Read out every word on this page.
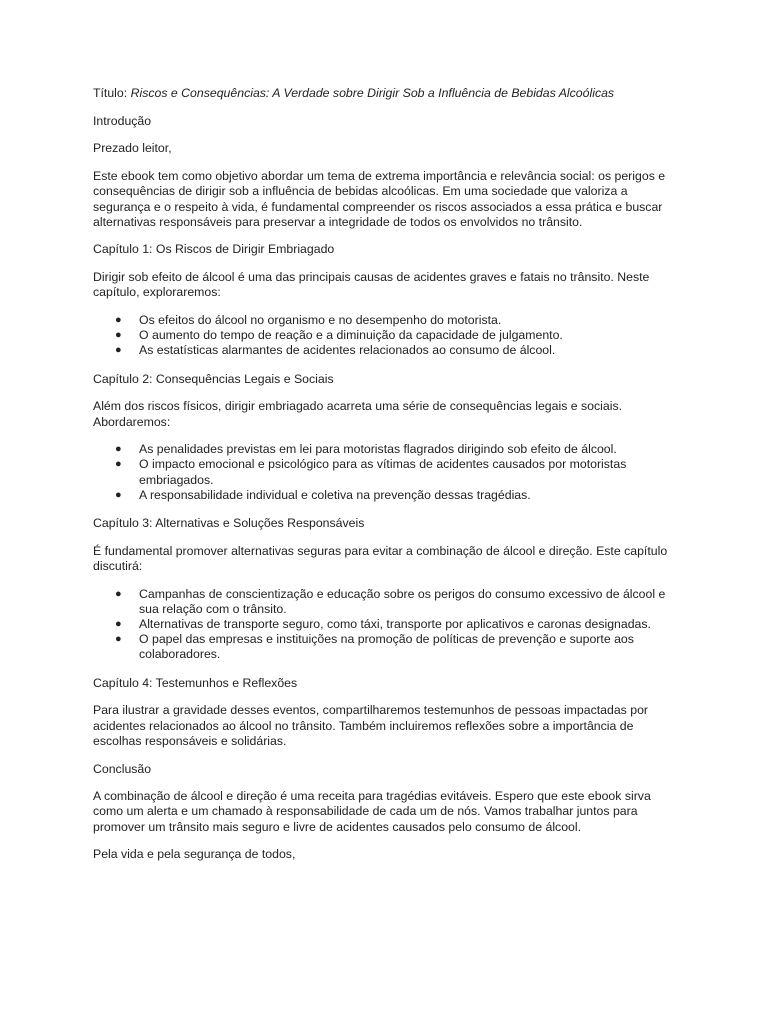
Título: Riscos e Consequências: A Verdade sobre Dirigir Sob a Influência de Bebidas Alcoólicas

Introdução

Prezado leitor,

Este ebook tem como objetivo abordar um tema de extrema importância e relevância social: os perigos e consequências de dirigir sob a influência de bebidas alcoólicas. Em uma sociedade que valoriza a segurança e o respeito à vida, é fundamental compreender os riscos associados a essa prática e buscar alternativas responsáveis para preservar a integridade de todos os envolvidos no trânsito.

Capítulo 1: Os Riscos de Dirigir Embriagado

Dirigir sob efeito de álcool é uma das principais causas de acidentes graves e fatais no trânsito. Neste capítulo, exploraremos:

● Os efeitos do álcool no organismo e no desempenho do motorista.
● O aumento do tempo de reação e a diminuição da capacidade de julgamento.
● As estatísticas alarmantes de acidentes relacionados ao consumo de álcool.

Capítulo 2: Consequências Legais e Sociais

Além dos riscos físicos, dirigir embriagado acarreta uma série de consequências legais e sociais. Abordaremos:

● As penalidades previstas em lei para motoristas flagrados dirigindo sob efeito de álcool.
● O impacto emocional e psicológico para as vítimas de acidentes causados por motoristas embriagados.
● A responsabilidade individual e coletiva na prevenção dessas tragédias.

Capítulo 3: Alternativas e Soluções Responsáveis

É fundamental promover alternativas seguras para evitar a combinação de álcool e direção. Este capítulo discutirá:

● Campanhas de conscientização e educação sobre os perigos do consumo excessivo de álcool e sua relação com o trânsito.
● Alternativas de transporte seguro, como táxi, transporte por aplicativos e caronas designadas.
● O papel das empresas e instituições na promoção de políticas de prevenção e suporte aos colaboradores.

Capítulo 4: Testemunhos e Reflexões

Para ilustrar a gravidade desses eventos, compartilharemos testemunhos de pessoas impactadas por acidentes relacionados ao álcool no trânsito. Também incluiremos reflexões sobre a importância de escolhas responsáveis e solidárias.

Conclusão

A combinação de álcool e direção é uma receita para tragédias evitáveis. Espero que este ebook sirva como um alerta e um chamado à responsabilidade de cada um de nós. Vamos trabalhar juntos para promover um trânsito mais seguro e livre de acidentes causados pelo consumo de álcool.

Pela vida e pela segurança de todos,
